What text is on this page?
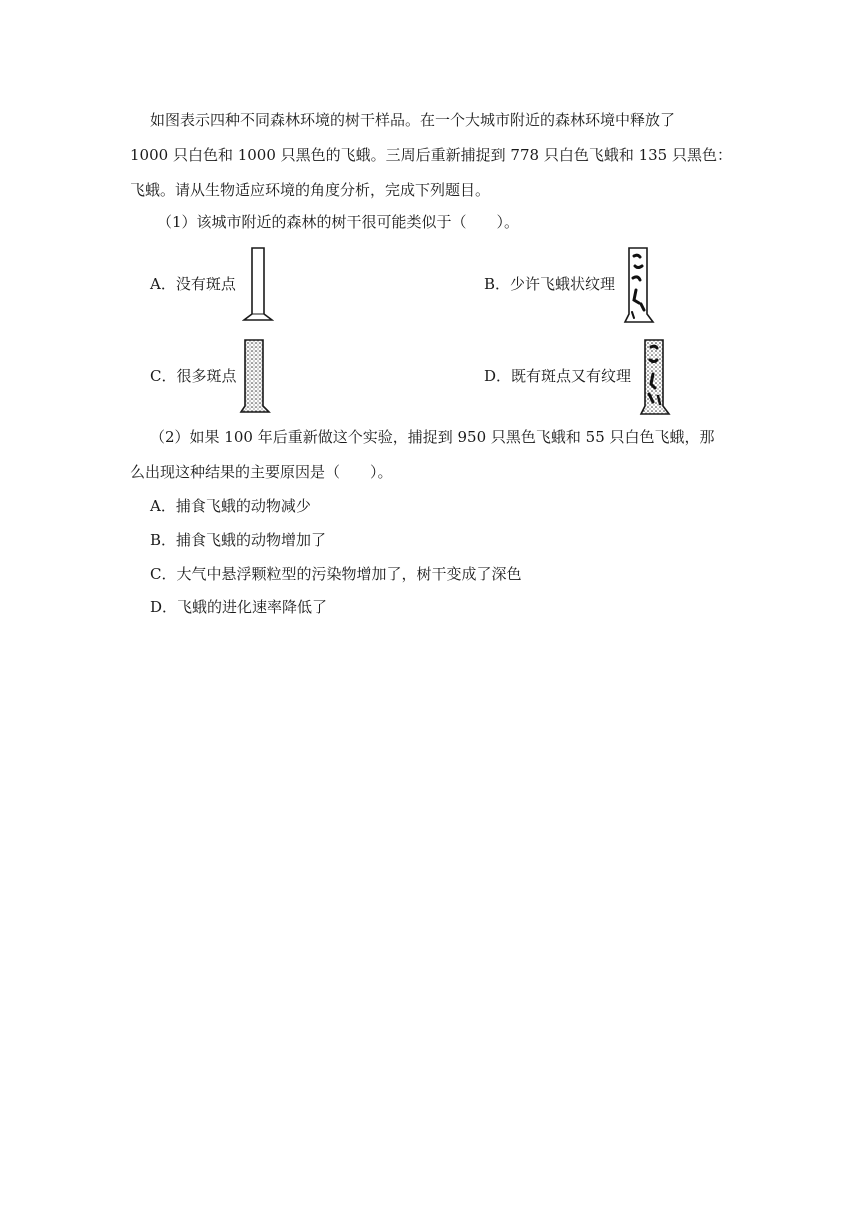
如图表示四种不同森林环境的树干样品。在一个大城市附近的森林环境中释放了
1000 只白色和 1000 只黑色的飞蛾。三周后重新捕捉到 778 只白色飞蛾和 135 只黑色：
飞蛾。请从生物适应环境的角度分析，完成下列题目。
（1）该城市附近的森林的树干很可能类似于（　　）。
A．没有斑点	B．少许飞蛾状纹理
C．很多斑点	D．既有斑点又有纹理
（2）如果 100 年后重新做这个实验，捕捉到 950 只黑色飞蛾和 55 只白色飞蛾，那
么出现这种结果的主要原因是（　　）。
A．捕食飞蛾的动物减少
B．捕食飞蛾的动物增加了
C．大气中悬浮颗粒型的污染物增加了，树干变成了深色
D．飞蛾的进化速率降低了
